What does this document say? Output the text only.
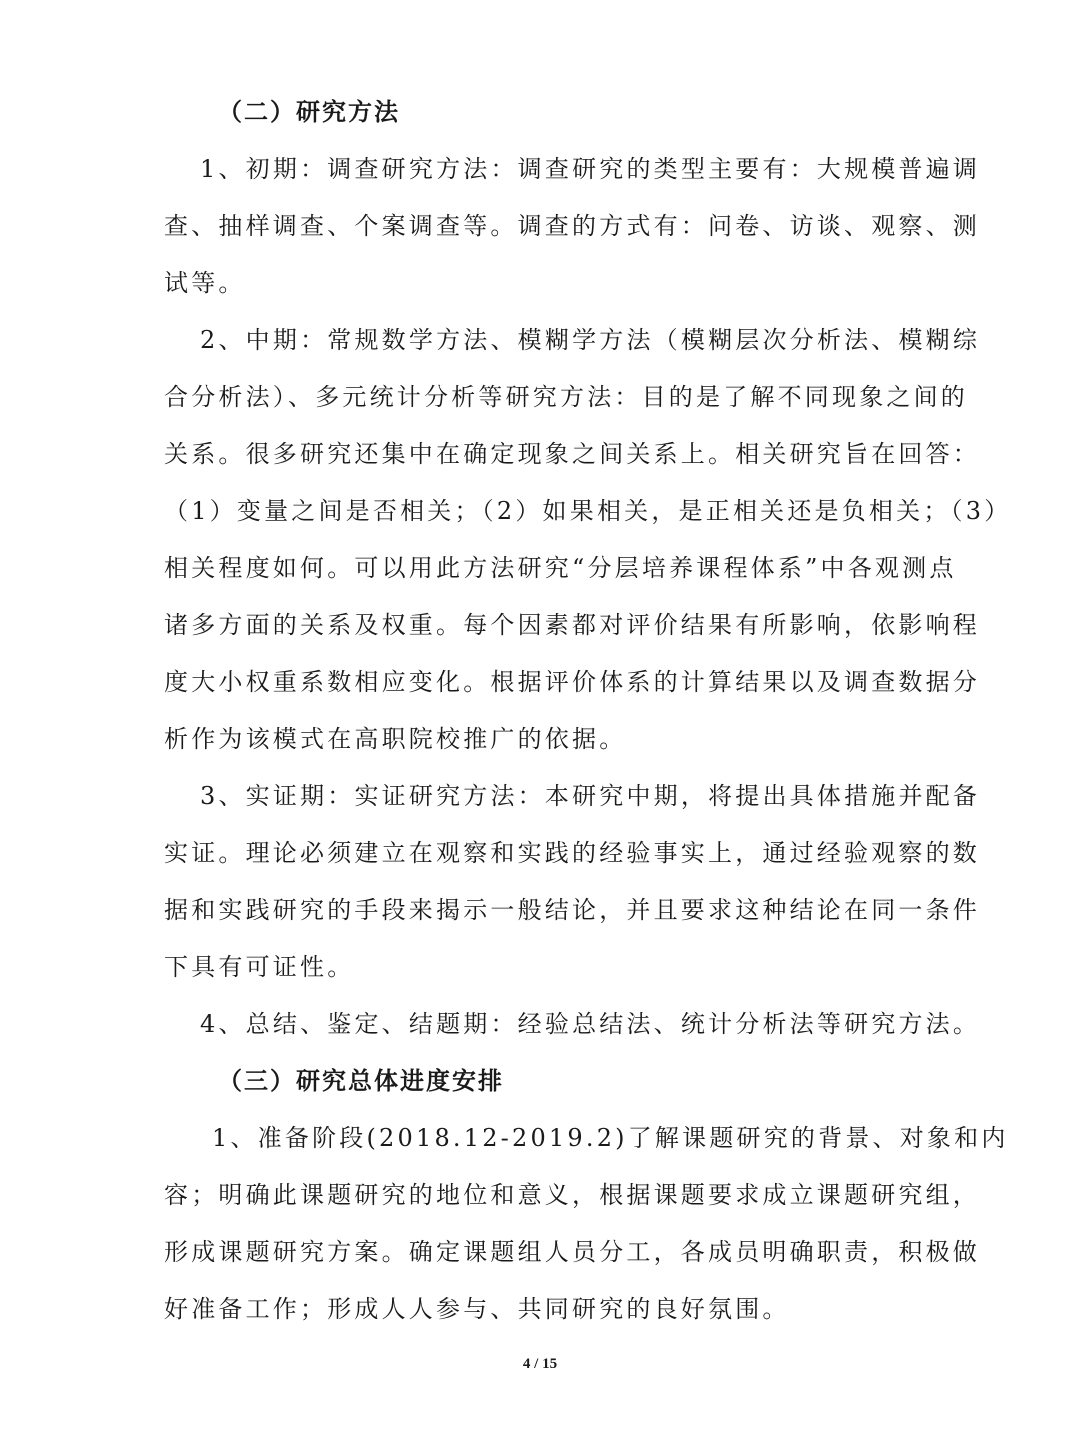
（二）研究方法
1、初期：调查研究方法：调查研究的类型主要有：大规模普遍调
查、抽样调查、个案调查等。调查的方式有：问卷、访谈、观察、测
试等。
2、中期：常规数学方法、模糊学方法（模糊层次分析法、模糊综
合分析法）、多元统计分析等研究方法：目的是了解不同现象之间的
关系。很多研究还集中在确定现象之间关系上。相关研究旨在回答：
（1）变量之间是否相关；（2）如果相关，是正相关还是负相关；（3）
相关程度如何。可以用此方法研究“分层培养课程体系”中各观测点
诸多方面的关系及权重。每个因素都对评价结果有所影响，依影响程
度大小权重系数相应变化。根据评价体系的计算结果以及调查数据分
析作为该模式在高职院校推广的依据。
3、实证期：实证研究方法：本研究中期，将提出具体措施并配备
实证。理论必须建立在观察和实践的经验事实上，通过经验观察的数
据和实践研究的手段来揭示一般结论，并且要求这种结论在同一条件
下具有可证性。
4、总结、鉴定、结题期：经验总结法、统计分析法等研究方法。
（三）研究总体进度安排
1、准备阶段(2018.12-2019.2)了解课题研究的背景、对象和内
容；明确此课题研究的地位和意义，根据课题要求成立课题研究组，
形成课题研究方案。确定课题组人员分工，各成员明确职责，积极做
好准备工作；形成人人参与、共同研究的良好氛围。
4 / 15
